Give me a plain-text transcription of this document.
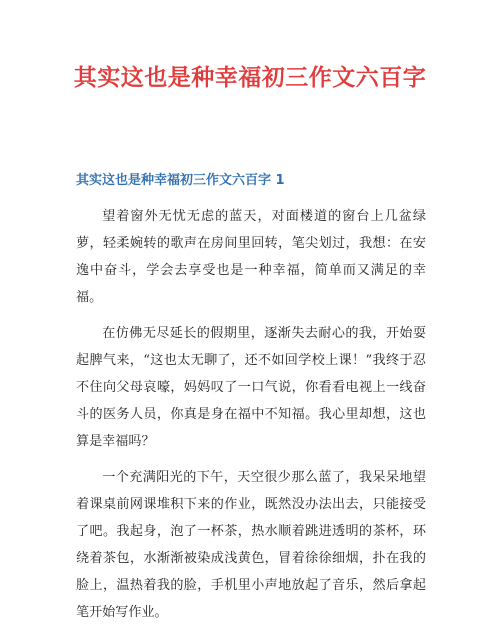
其实这也是种幸福初三作文六百字
其实这也是种幸福初三作文六百字 1

望着窗外无忧无虑的蓝天，对面楼道的窗台上几盆绿萝，轻柔婉转的歌声在房间里回转，笔尖划过，我想：在安逸中奋斗，学会去享受也是一种幸福，简单而又满足的幸福。

在仿佛无尽延长的假期里，逐渐失去耐心的我，开始耍起脾气来，“这也太无聊了，还不如回学校上课！”我终于忍不住向父母哀嚎，妈妈叹了一口气说，你看看电视上一线奋斗的医务人员，你真是身在福中不知福。我心里却想，这也算是幸福吗？

一个充满阳光的下午，天空很少那么蓝了，我呆呆地望着课桌前网课堆积下来的作业，既然没办法出去，只能接受了吧。我起身，泡了一杯茶，热水顺着跳进透明的茶杯，环绕着茶包，水渐渐被染成浅黄色，冒着徐徐细烟，扑在我的脸上，温热着我的脸，手机里小声地放起了音乐，然后拿起笔开始写作业。
